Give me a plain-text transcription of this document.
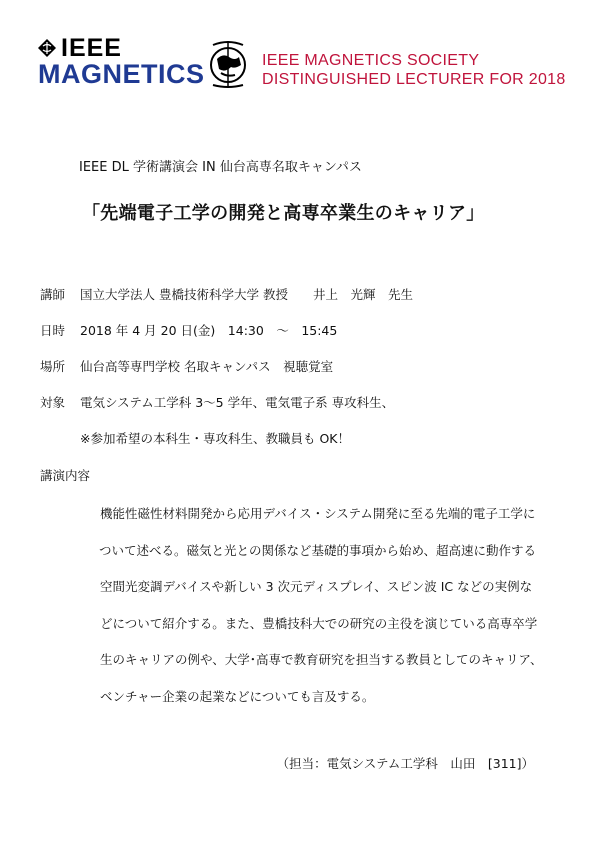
IEEE
MAGNETICS	IEEE MAGNETICS SOCIETY
DISTINGUISHED LECTURER FOR 2018
IEEE DL 学術講演会 IN 仙台高専名取キャンパス
「先端電子工学の開発と高専卒業生のキャリア」
講師 国立大学法人 豊橋技術科学大学 教授　　井上　光輝　先生
日時 2018 年 4 月 20 日(金)　14:30　～　15:45
場所 仙台高等専門学校 名取キャンパス　視聴覚室
対象 電気システム工学科 3～5 学年、電気電子系 専攻科生、
※参加希望の本科生・専攻科生、教職員も OK！
講演内容
機能性磁性材料開発から応用デバイス・システム開発に至る先端的電子工学に
ついて述べる。磁気と光との関係など基礎的事項から始め、超高速に動作する
空間光変調デバイスや新しい 3 次元ディスプレイ、スピン波 IC などの実例な
どについて紹介する。また、豊橋技科大での研究の主役を演じている高専卒学
生のキャリアの例や、大学･高専で教育研究を担当する教員としてのキャリア、
ベンチャー企業の起業などについても言及する。
（担当：電気システム工学科　山田　[311]）
